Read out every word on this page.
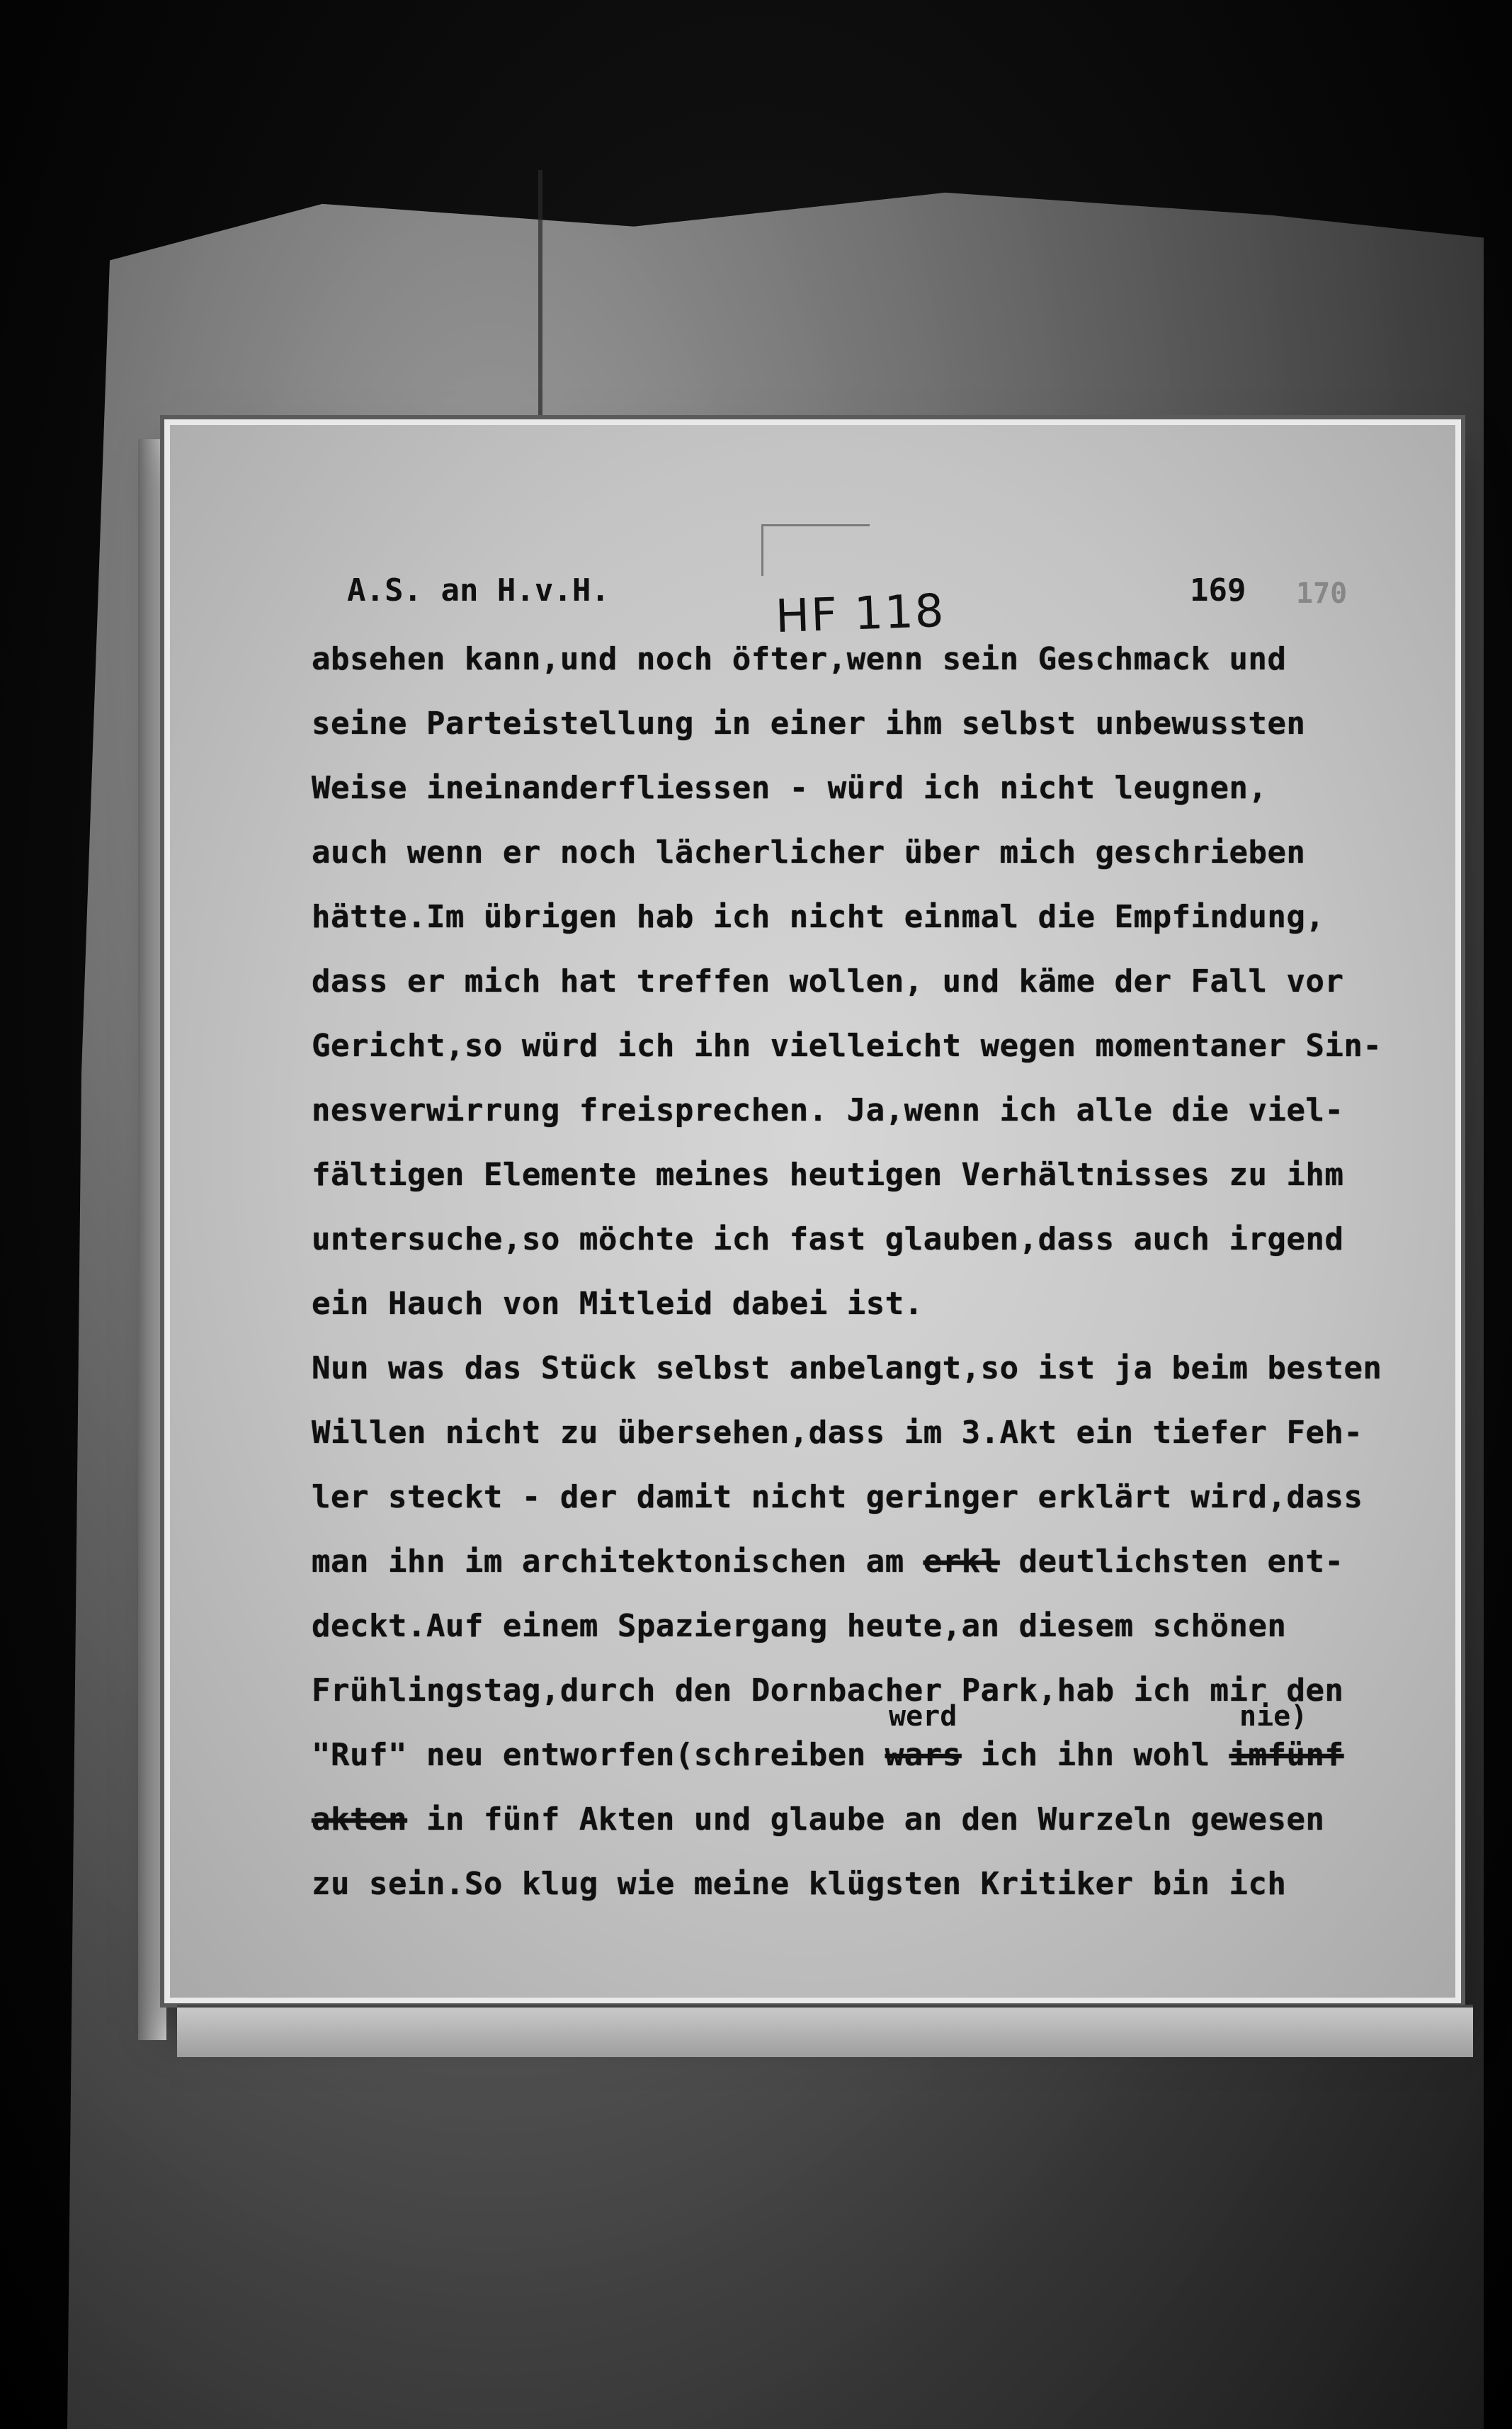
A.S. an H.v.H.	HF 118	169 170
absehen kann,und noch öfter,wenn sein Geschmack und
seine Parteistellung in einer ihm selbst unbewussten
Weise ineinanderfliessen - würd ich nicht leugnen,
auch wenn er noch lächerlicher über mich geschrieben
hätte.Im übrigen hab ich nicht einmal die Empfindung,
dass er mich hat treffen wollen, und käme der Fall vor
Gericht,so würd ich ihn vielleicht wegen momentaner Sin-
nesverwirrung freisprechen. Ja,wenn ich alle die viel-
fältigen Elemente meines heutigen Verhältnisses zu ihm
untersuche,so möchte ich fast glauben,dass auch irgend
ein Hauch von Mitleid dabei ist.
Nun was das Stück selbst anbelangt,so ist ja beim besten
Willen nicht zu übersehen,dass im 3.Akt ein tiefer Feh-
ler steckt - der damit nicht geringer erklärt wird,dass
man ihn im architektonischen am erkl deutlichsten ent-
deckt.Auf einem Spaziergang heute,an diesem schönen
Frühlingstag,durch den Dornbacher Park,hab ich mir den
werd	nie)
"Ruf" neu entworfen(schreiben wars ich ihn wohl imfünf
akten in fünf Akten und glaube an den Wurzeln gewesen
zu sein.So klug wie meine klügsten Kritiker bin ich
